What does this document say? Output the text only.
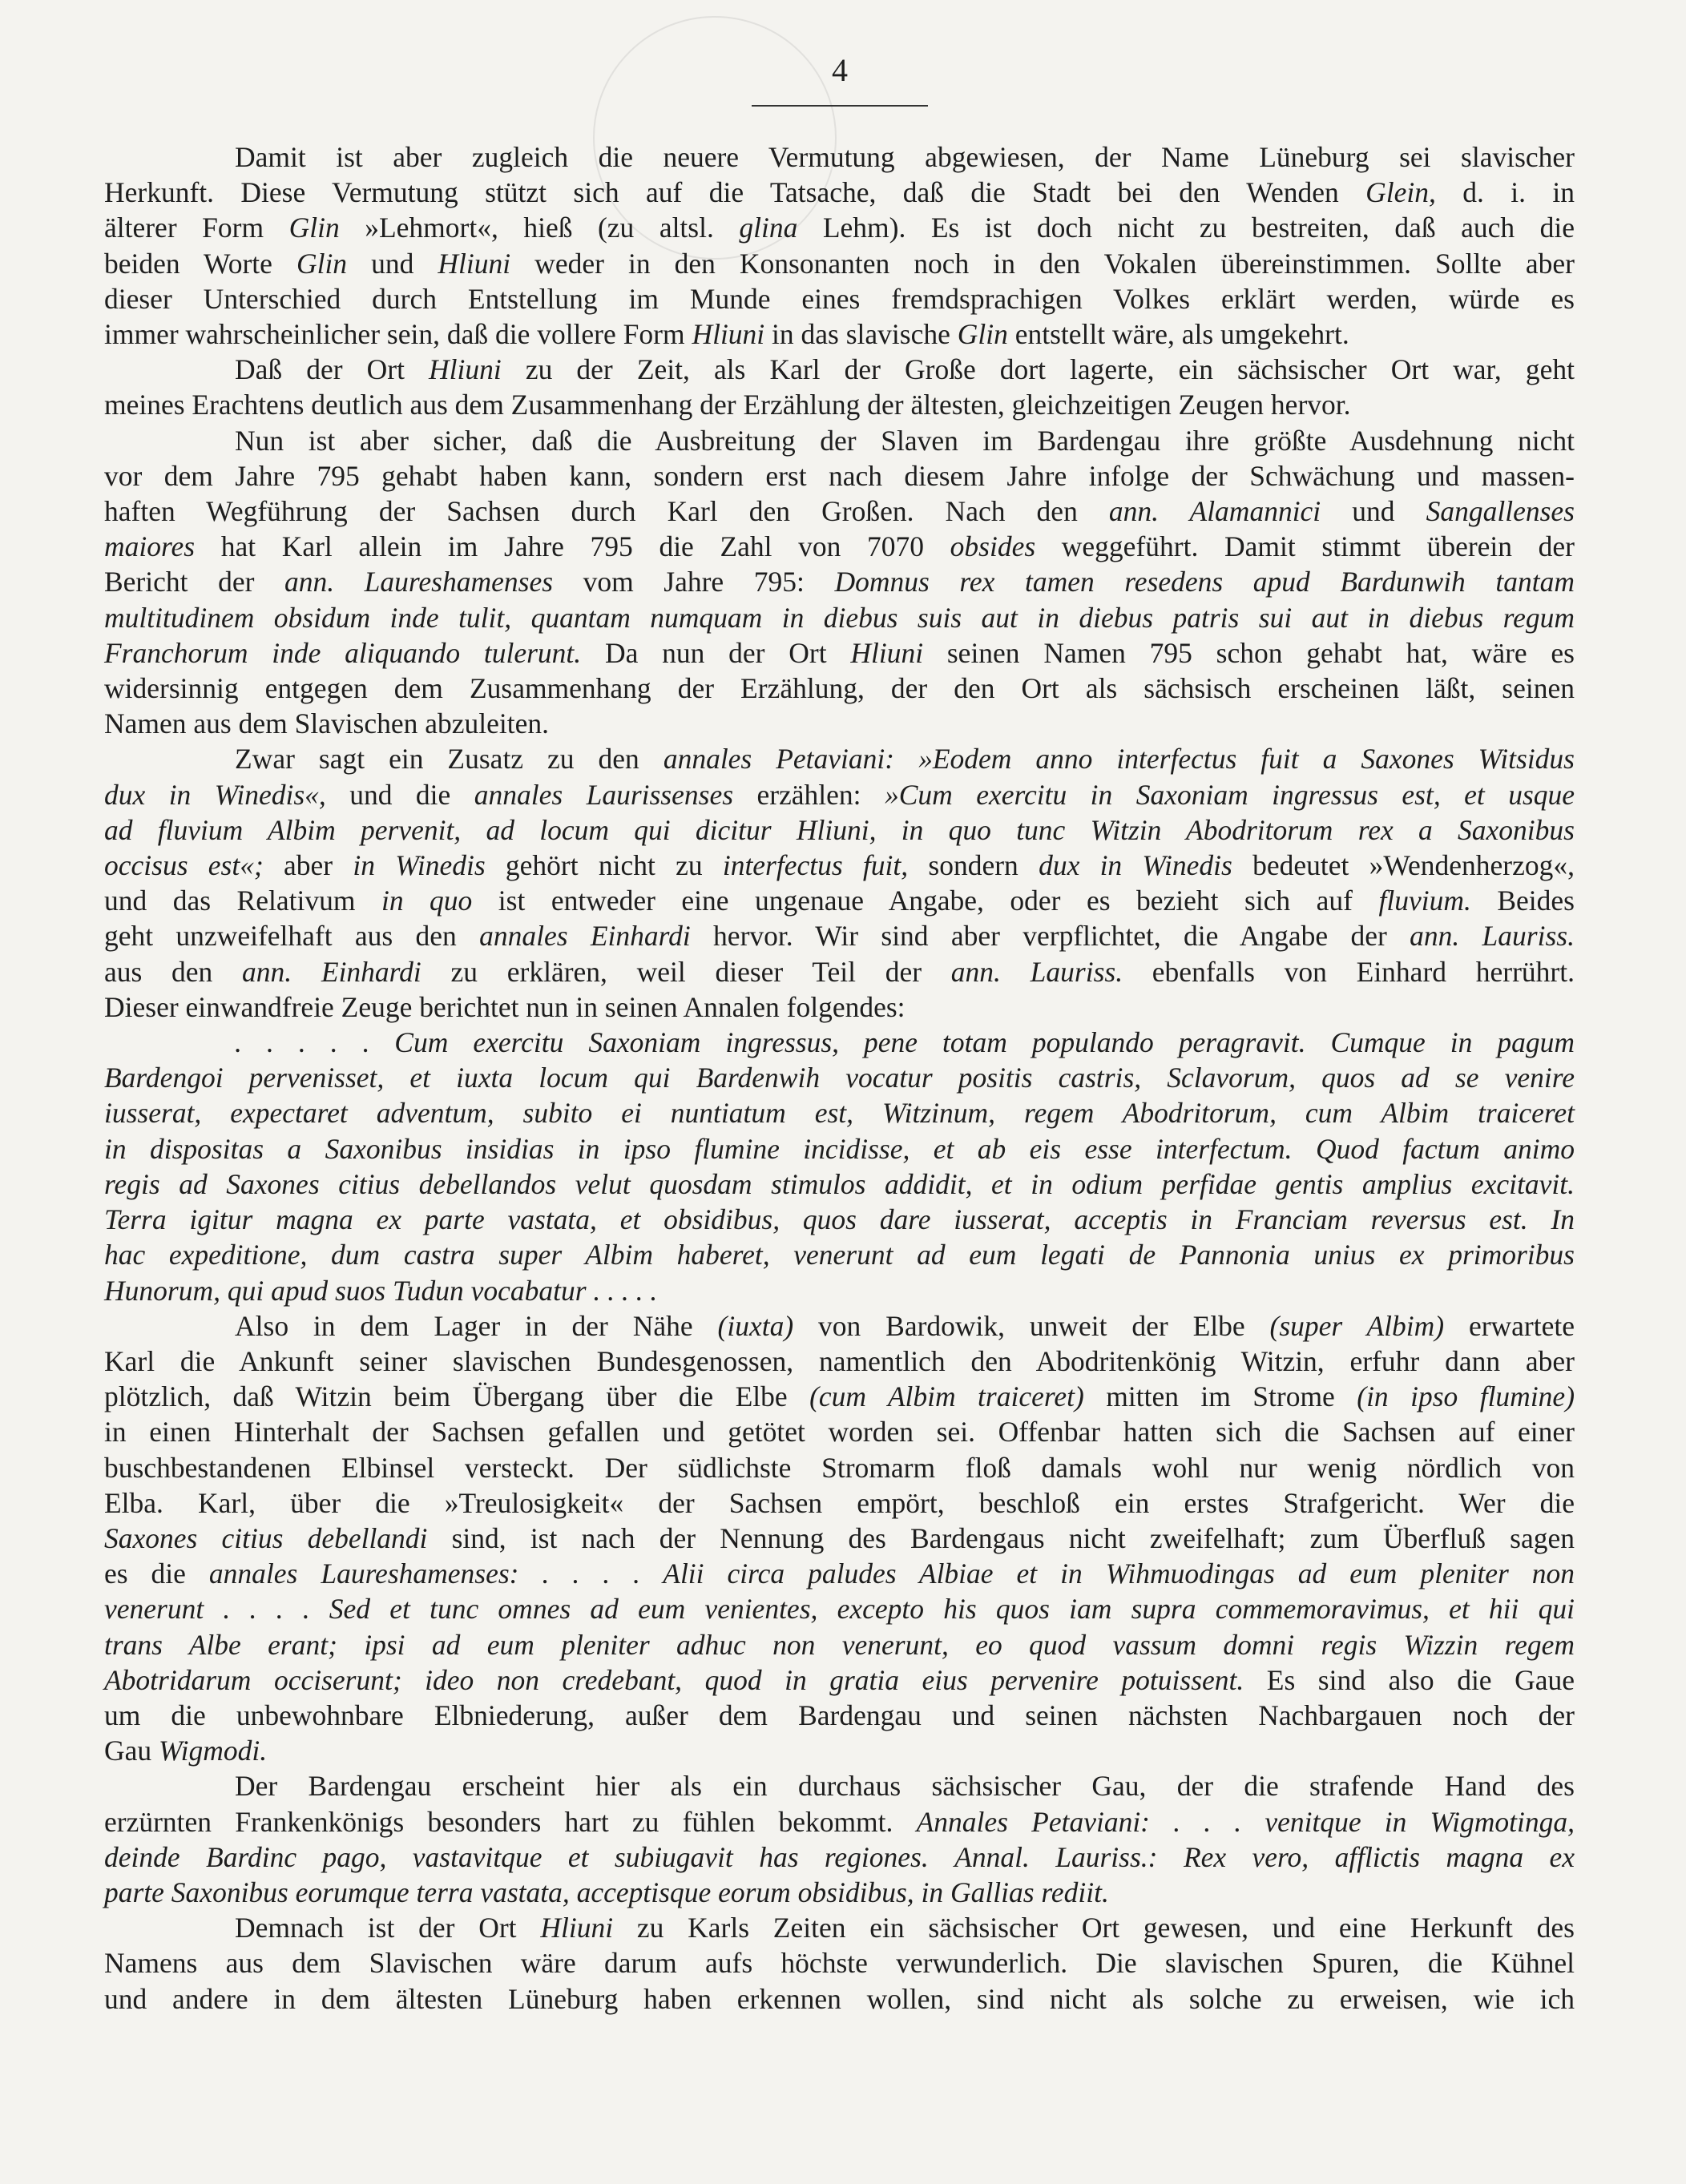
4
Damit ist aber zugleich die neuere Vermutung abgewiesen, der Name Lüneburg sei slavischer
Herkunft. Diese Vermutung stützt sich auf die Tatsache, daß die Stadt bei den Wenden Glein, d. i. in
älterer Form Glin »Lehmort«, hieß (zu altsl. glina Lehm). Es ist doch nicht zu bestreiten, daß auch die
beiden Worte Glin und Hliuni weder in den Konsonanten noch in den Vokalen übereinstimmen. Sollte aber
dieser Unterschied durch Entstellung im Munde eines fremdsprachigen Volkes erklärt werden, würde es
immer wahrscheinlicher sein, daß die vollere Form Hliuni in das slavische Glin entstellt wäre, als umgekehrt.
Daß der Ort Hliuni zu der Zeit, als Karl der Große dort lagerte, ein sächsischer Ort war, geht
meines Erachtens deutlich aus dem Zusammenhang der Erzählung der ältesten, gleichzeitigen Zeugen hervor.
Nun ist aber sicher, daß die Ausbreitung der Slaven im Bardengau ihre größte Ausdehnung nicht
vor dem Jahre 795 gehabt haben kann, sondern erst nach diesem Jahre infolge der Schwächung und massen-
haften Wegführung der Sachsen durch Karl den Großen. Nach den ann. Alamannici und Sangallenses
maiores hat Karl allein im Jahre 795 die Zahl von 7070 obsides weggeführt. Damit stimmt überein der
Bericht der ann. Laureshamenses vom Jahre 795: Domnus rex tamen resedens apud Bardunwih tantam
multitudinem obsidum inde tulit, quantam numquam in diebus suis aut in diebus patris sui aut in diebus regum
Franchorum inde aliquando tulerunt. Da nun der Ort Hliuni seinen Namen 795 schon gehabt hat, wäre es
widersinnig entgegen dem Zusammenhang der Erzählung, der den Ort als sächsisch erscheinen läßt, seinen
Namen aus dem Slavischen abzuleiten.
Zwar sagt ein Zusatz zu den annales Petaviani: »Eodem anno interfectus fuit a Saxones Witsidus
dux in Winedis«, und die annales Laurissenses erzählen: »Cum exercitu in Saxoniam ingressus est, et usque
ad fluvium Albim pervenit, ad locum qui dicitur Hliuni, in quo tunc Witzin Abodritorum rex a Saxonibus
occisus est«; aber in Winedis gehört nicht zu interfectus fuit, sondern dux in Winedis bedeutet »Wendenherzog«,
und das Relativum in quo ist entweder eine ungenaue Angabe, oder es bezieht sich auf fluvium. Beides
geht unzweifelhaft aus den annales Einhardi hervor. Wir sind aber verpflichtet, die Angabe der ann. Lauriss.
aus den ann. Einhardi zu erklären, weil dieser Teil der ann. Lauriss. ebenfalls von Einhard herrührt.
Dieser einwandfreie Zeuge berichtet nun in seinen Annalen folgendes:
. . . . . Cum exercitu Saxoniam ingressus, pene totam populando peragravit. Cumque in pagum
Bardengoi pervenisset, et iuxta locum qui Bardenwih vocatur positis castris, Sclavorum, quos ad se venire
iusserat, expectaret adventum, subito ei nuntiatum est, Witzinum, regem Abodritorum, cum Albim traiceret
in dispositas a Saxonibus insidias in ipso flumine incidisse, et ab eis esse interfectum. Quod factum animo
regis ad Saxones citius debellandos velut quosdam stimulos addidit, et in odium perfidae gentis amplius excitavit.
Terra igitur magna ex parte vastata, et obsidibus, quos dare iusserat, acceptis in Franciam reversus est. In
hac expeditione, dum castra super Albim haberet, venerunt ad eum legati de Pannonia unius ex primoribus
Hunorum, qui apud suos Tudun vocabatur . . . . .
Also in dem Lager in der Nähe (iuxta) von Bardowik, unweit der Elbe (super Albim) erwartete
Karl die Ankunft seiner slavischen Bundesgenossen, namentlich den Abodritenkönig Witzin, erfuhr dann aber
plötzlich, daß Witzin beim Übergang über die Elbe (cum Albim traiceret) mitten im Strome (in ipso flumine)
in einen Hinterhalt der Sachsen gefallen und getötet worden sei. Offenbar hatten sich die Sachsen auf einer
buschbestandenen Elbinsel versteckt. Der südlichste Stromarm floß damals wohl nur wenig nördlich von
Elba. Karl, über die »Treulosigkeit« der Sachsen empört, beschloß ein erstes Strafgericht. Wer die
Saxones citius debellandi sind, ist nach der Nennung des Bardengaus nicht zweifelhaft; zum Überfluß sagen
es die annales Laureshamenses: . . . . Alii circa paludes Albiae et in Wihmuodingas ad eum pleniter non
venerunt . . . . Sed et tunc omnes ad eum venientes, excepto his quos iam supra commemoravimus, et hii qui
trans Albe erant; ipsi ad eum pleniter adhuc non venerunt, eo quod vassum domni regis Wizzin regem
Abotridarum occiserunt; ideo non credebant, quod in gratia eius pervenire potuissent. Es sind also die Gaue
um die unbewohnbare Elbniederung, außer dem Bardengau und seinen nächsten Nachbargauen noch der
Gau Wigmodi.
Der Bardengau erscheint hier als ein durchaus sächsischer Gau, der die strafende Hand des
erzürnten Frankenkönigs besonders hart zu fühlen bekommt. Annales Petaviani: . . . venitque in Wigmotinga,
deinde Bardinc pago, vastavitque et subiugavit has regiones. Annal. Lauriss.: Rex vero, afflictis magna ex
parte Saxonibus eorumque terra vastata, acceptisque eorum obsidibus, in Gallias rediit.
Demnach ist der Ort Hliuni zu Karls Zeiten ein sächsischer Ort gewesen, und eine Herkunft des
Namens aus dem Slavischen wäre darum aufs höchste verwunderlich. Die slavischen Spuren, die Kühnel
und andere in dem ältesten Lüneburg haben erkennen wollen, sind nicht als solche zu erweisen, wie ich
